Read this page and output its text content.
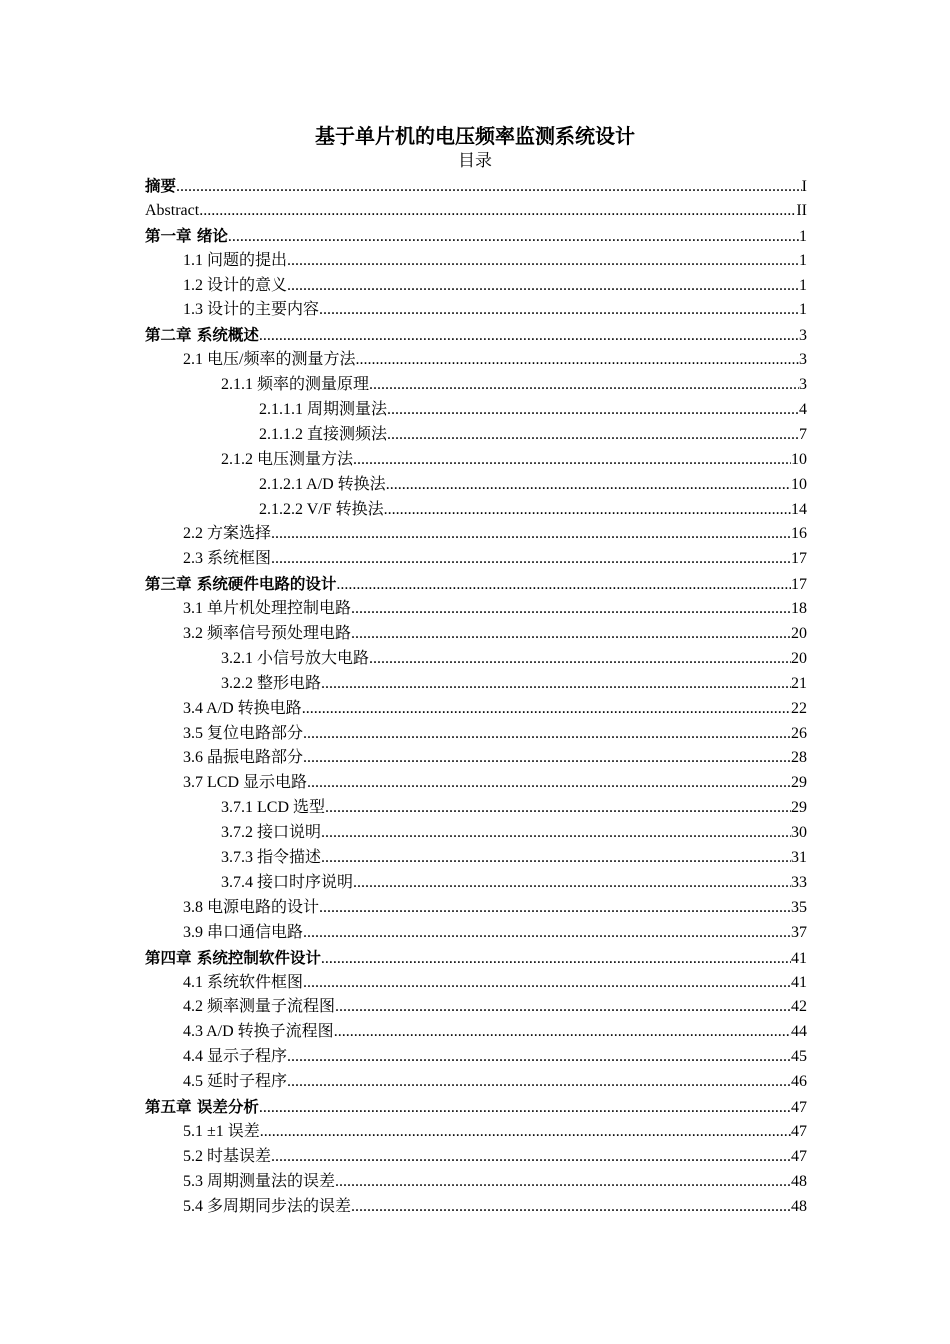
基于单片机的电压频率监测系统设计
目录
摘要 .....	I
Abstract .....	II
第一章 绪论 .....	1
1.1 问题的提出 .....	1
1.2 设计的意义 .....	1
1.3 设计的主要内容 .....	1
第二章 系统概述 .....	3
2.1 电压/频率的测量方法 .....	3
2.1.1 频率的测量原理 .....	3
2.1.1.1 周期测量法 .....	4
2.1.1.2 直接测频法 .....	7
2.1.2 电压测量方法 .....	10
2.1.2.1 A/D 转换法 .....	10
2.1.2.2 V/F 转换法 .....	14
2.2 方案选择 .....	16
2.3 系统框图 .....	17
第三章 系统硬件电路的设计 .....	17
3.1 单片机处理控制电路 .....	18
3.2 频率信号预处理电路 .....	20
3.2.1 小信号放大电路 .....	20
3.2.2 整形电路 .....	21
3.4 A/D 转换电路 .....	22
3.5 复位电路部分 .....	26
3.6 晶振电路部分 .....	28
3.7 LCD 显示电路 .....	29
3.7.1 LCD 选型 .....	29
3.7.2 接口说明 .....	30
3.7.3 指令描述 .....	31
3.7.4 接口时序说明 .....	33
3.8 电源电路的设计 .....	35
3.9 串口通信电路 .....	37
第四章 系统控制软件设计 .....	41
4.1 系统软件框图 .....	41
4.2 频率测量子流程图 .....	42
4.3 A/D 转换子流程图 .....	44
4.4 显示子程序 .....	45
4.5 延时子程序 .....	46
第五章 误差分析 .....	47
5.1 ±1 误差 .....	47
5.2 时基误差 .....	47
5.3 周期测量法的误差 .....	48
5.4 多周期同步法的误差 .....	48
